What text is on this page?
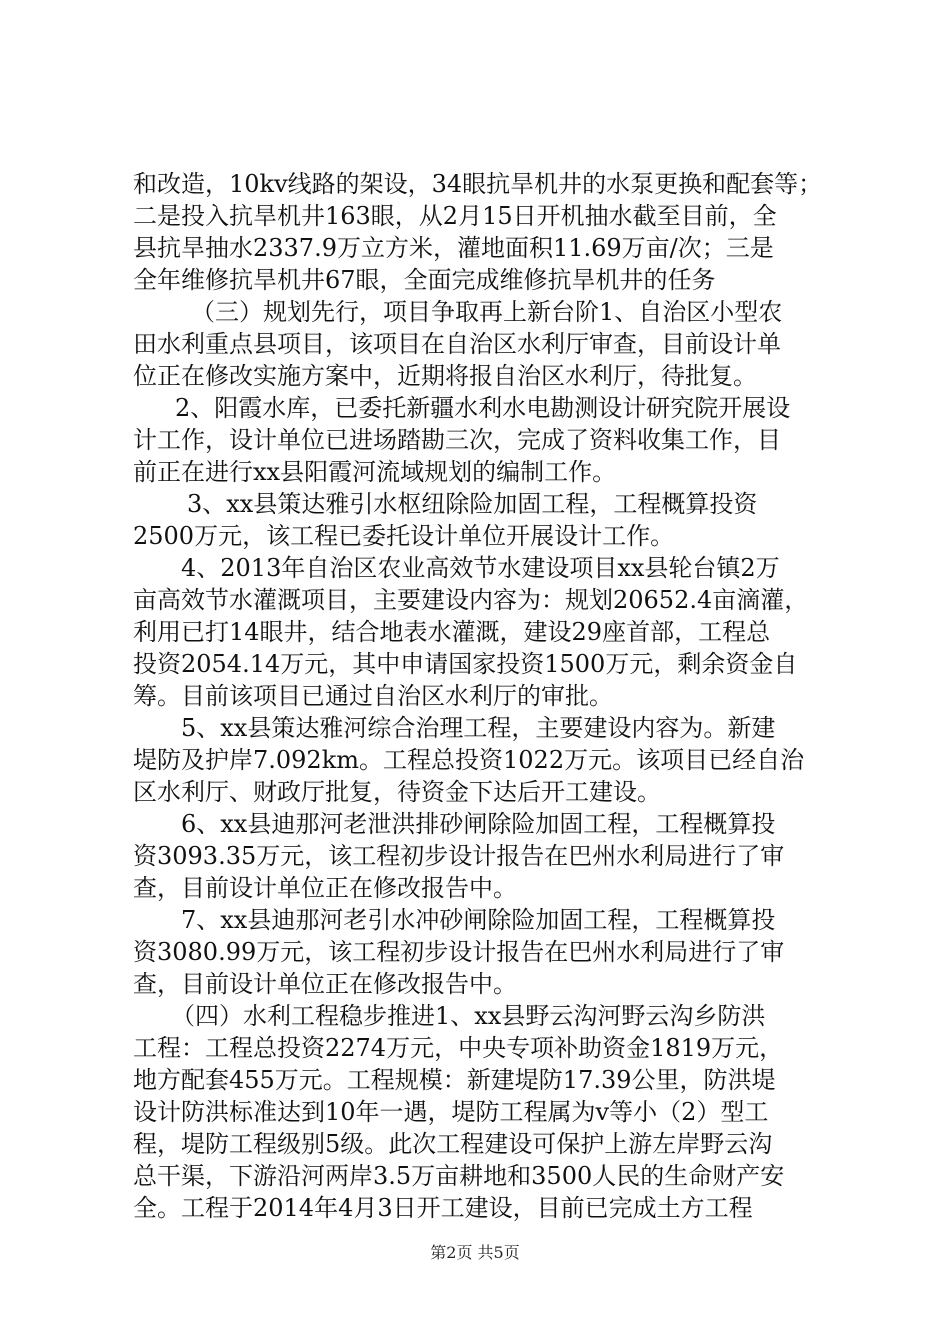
和改造，10kv线路的架设，34眼抗旱机井的水泵更换和配套等；
二是投入抗旱机井163眼，从2月15日开机抽水截至目前，全
县抗旱抽水2337.9万立方米，灌地面积11.69万亩/次；三是
全年维修抗旱机井67眼，全面完成维修抗旱机井的任务
（三）规划先行，项目争取再上新台阶1、自治区小型农
田水利重点县项目，该项目在自治区水利厅审查，目前设计单
位正在修改实施方案中，近期将报自治区水利厅，待批复。
2、阳霞水库，已委托新疆水利水电勘测设计研究院开展设
计工作，设计单位已进场踏勘三次，完成了资料收集工作，目
前正在进行xx县阳霞河流域规划的编制工作。
3、xx县策达雅引水枢纽除险加固工程，工程概算投资
2500万元，该工程已委托设计单位开展设计工作。
4、2013年自治区农业高效节水建设项目xx县轮台镇2万
亩高效节水灌溉项目，主要建设内容为：规划20652.4亩滴灌，
利用已打14眼井，结合地表水灌溉，建设29座首部，工程总
投资2054.14万元，其中申请国家投资1500万元，剩余资金自
筹。目前该项目已通过自治区水利厅的审批。
5、xx县策达雅河综合治理工程，主要建设内容为。新建
堤防及护岸7.092km。工程总投资1022万元。该项目已经自治
区水利厅、财政厅批复，待资金下达后开工建设。
6、xx县迪那河老泄洪排砂闸除险加固工程，工程概算投
资3093.35万元，该工程初步设计报告在巴州水利局进行了审
查，目前设计单位正在修改报告中。
7、xx县迪那河老引水冲砂闸除险加固工程，工程概算投
资3080.99万元，该工程初步设计报告在巴州水利局进行了审
查，目前设计单位正在修改报告中。
（四）水利工程稳步推进1、xx县野云沟河野云沟乡防洪
工程：工程总投资2274万元，中央专项补助资金1819万元，
地方配套455万元。工程规模：新建堤防17.39公里，防洪堤
设计防洪标准达到10年一遇，堤防工程属为v等小（2）型工
程，堤防工程级别5级。此次工程建设可保护上游左岸野云沟
总干渠，下游沿河两岸3.5万亩耕地和3500人民的生命财产安
全。工程于2014年4月3日开工建设，目前已完成土方工程
第2页 共5页
